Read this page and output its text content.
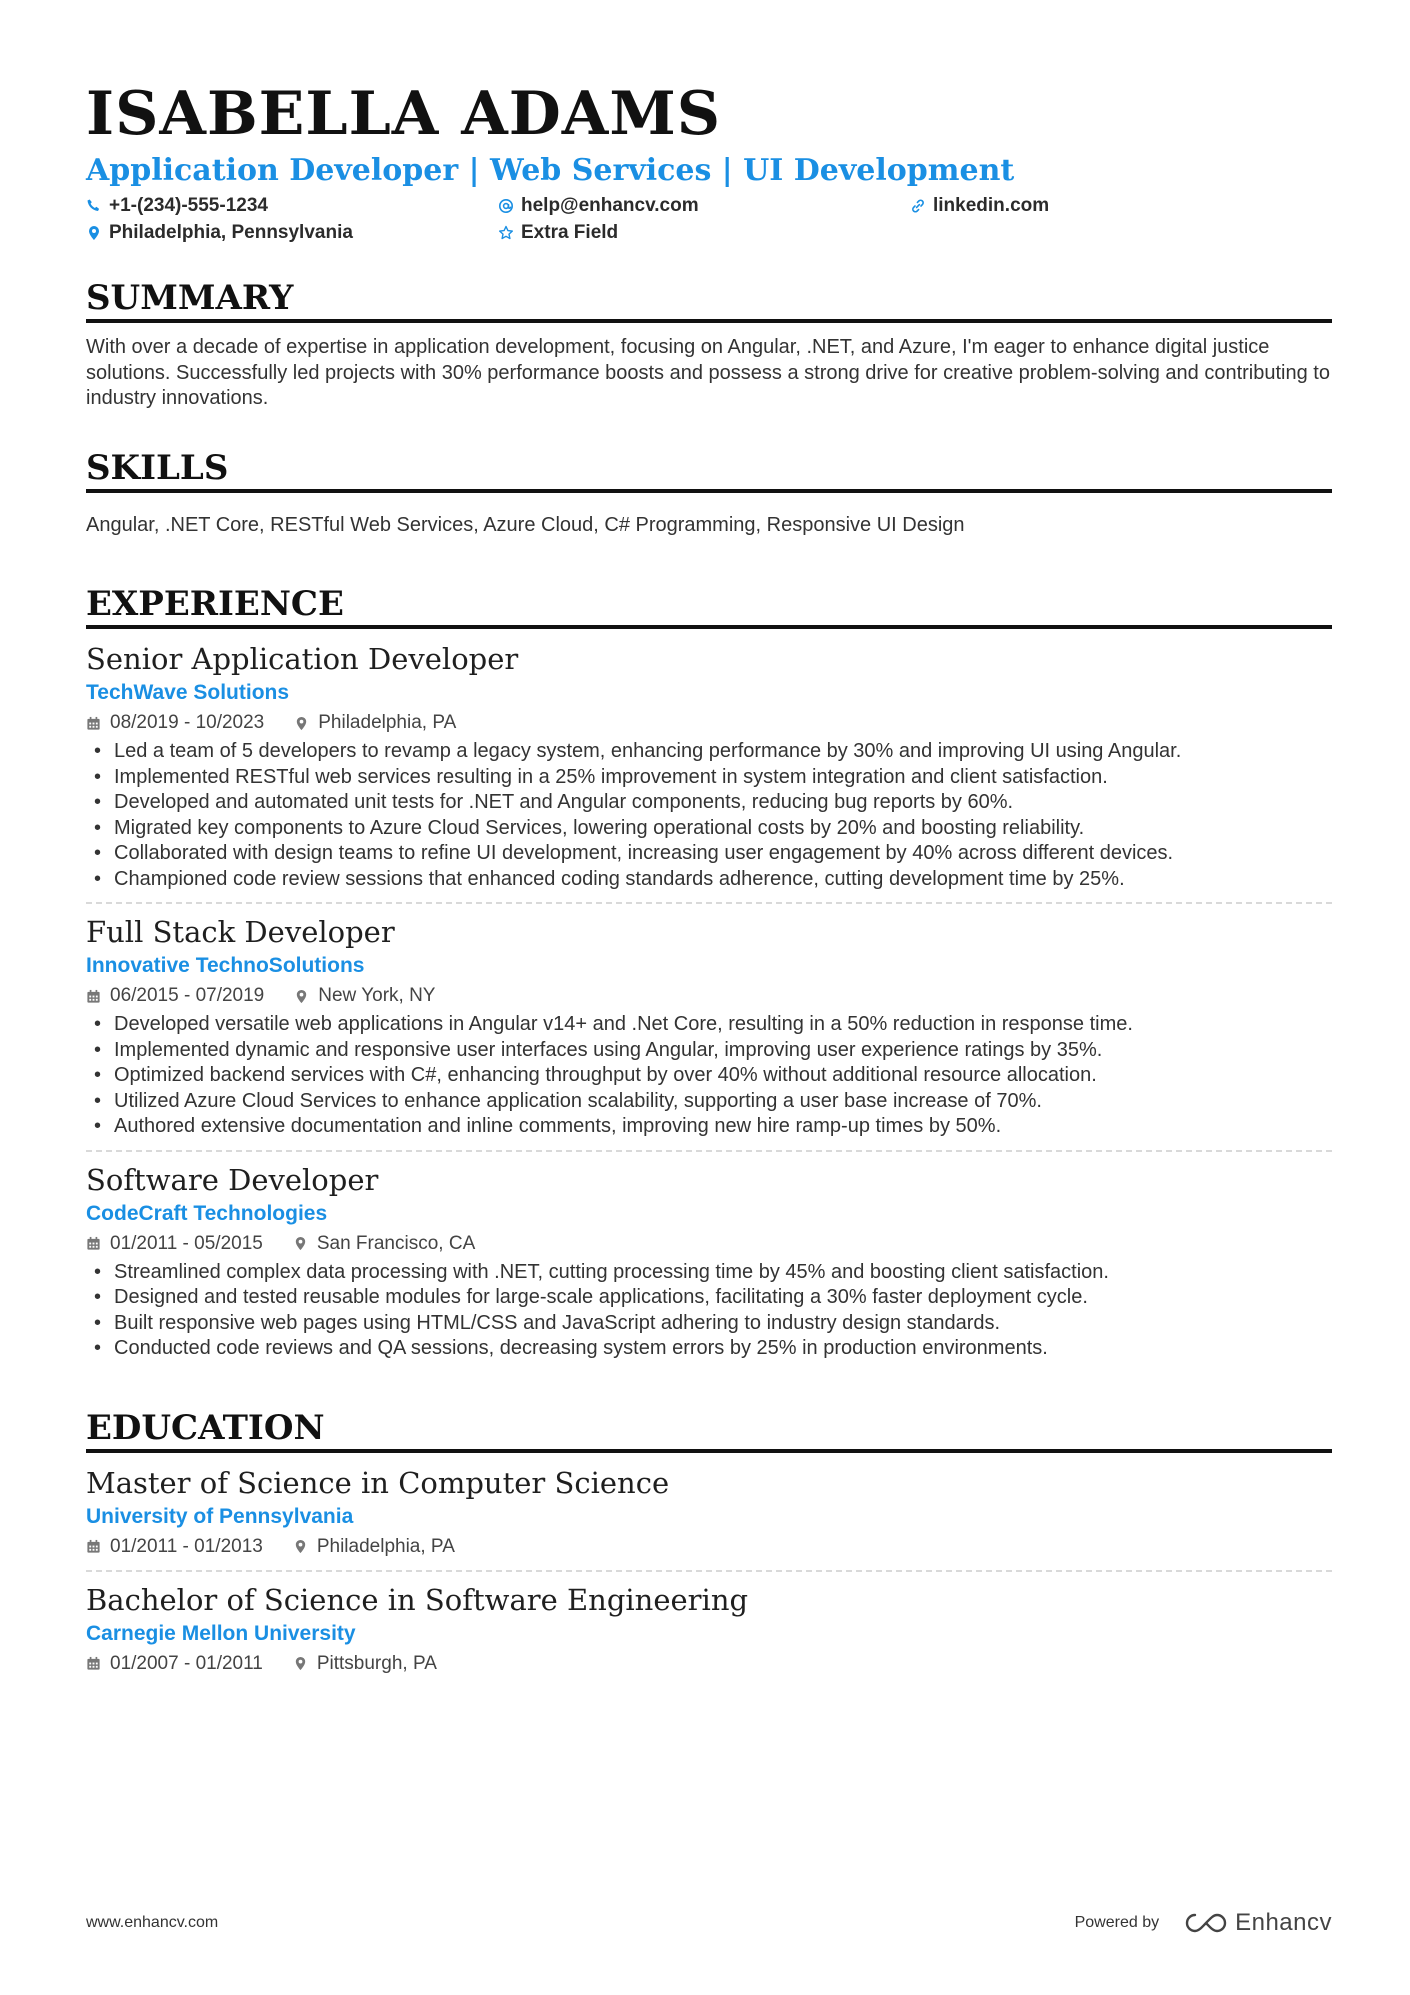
ISABELLA ADAMS
Application Developer | Web Services | UI Development
+1-(234)-555-1234	help@enhancv.com	linkedin.com
Philadelphia, Pennsylvania	Extra Field
SUMMARY

With over a decade of expertise in application development, focusing on Angular, .NET, and Azure, I'm eager to enhance digital justice solutions. Successfully led projects with 30% performance boosts and possess a strong drive for creative problem-solving and contributing to industry innovations.

SKILLS

Angular, .NET Core, RESTful Web Services, Azure Cloud, C# Programming, Responsive UI Design

EXPERIENCE
Senior Application Developer
TechWave Solutions
08/2019 - 10/2023	Philadelphia, PA
• Led a team of 5 developers to revamp a legacy system, enhancing performance by 30% and improving UI using Angular.
• Implemented RESTful web services resulting in a 25% improvement in system integration and client satisfaction.
• Developed and automated unit tests for .NET and Angular components, reducing bug reports by 60%.
• Migrated key components to Azure Cloud Services, lowering operational costs by 20% and boosting reliability.
• Collaborated with design teams to refine UI development, increasing user engagement by 40% across different devices.
• Championed code review sessions that enhanced coding standards adherence, cutting development time by 25%.
Full Stack Developer
Innovative TechnoSolutions
06/2015 - 07/2019	New York, NY
• Developed versatile web applications in Angular v14+ and .Net Core, resulting in a 50% reduction in response time.
• Implemented dynamic and responsive user interfaces using Angular, improving user experience ratings by 35%.
• Optimized backend services with C#, enhancing throughput by over 40% without additional resource allocation.
• Utilized Azure Cloud Services to enhance application scalability, supporting a user base increase of 70%.
• Authored extensive documentation and inline comments, improving new hire ramp-up times by 50%.
Software Developer
CodeCraft Technologies
01/2011 - 05/2015	San Francisco, CA
• Streamlined complex data processing with .NET, cutting processing time by 45% and boosting client satisfaction.
• Designed and tested reusable modules for large-scale applications, facilitating a 30% faster deployment cycle.
• Built responsive web pages using HTML/CSS and JavaScript adhering to industry design standards.
• Conducted code reviews and QA sessions, decreasing system errors by 25% in production environments.
EDUCATION
Master of Science in Computer Science
University of Pennsylvania
01/2011 - 01/2013	Philadelphia, PA
Bachelor of Science in Software Engineering
Carnegie Mellon University
01/2007 - 01/2011	Pittsburgh, PA
www.enhancv.com	Powered by	Enhancv
